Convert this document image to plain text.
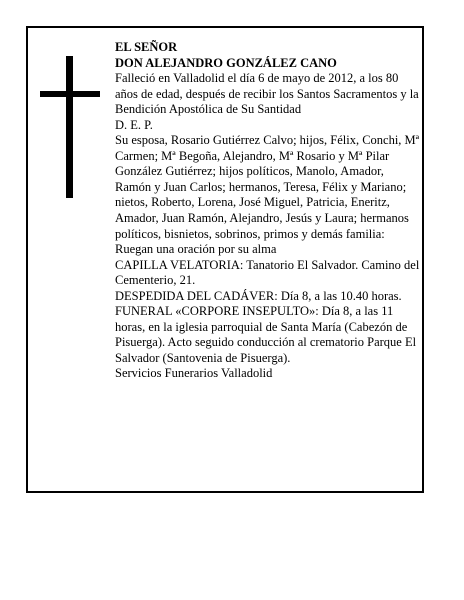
EL SEÑOR

DON ALEJANDRO GONZÁLEZ CANO

Falleció en Valladolid el día 6 de mayo de 2012, a los 80 años de edad, después de recibir los Santos Sacramentos y la Bendición Apostólica de Su Santidad

D. E. P.

Su esposa, Rosario Gutiérrez Calvo; hijos, Félix, Conchi, Mª Carmen; Mª Begoña, Alejandro, Mª Rosario y Mª Pilar González Gutiérrez; hijos políticos, Manolo, Amador, Ramón y Juan Carlos; hermanos, Teresa, Félix y Mariano; nietos, Roberto, Lorena, José Miguel, Patricia, Eneritz, Amador, Juan Ramón, Alejandro, Jesús y Laura; hermanos políticos, bisnietos, sobrinos, primos y demás familia:

Ruegan una oración por su alma

CAPILLA VELATORIA: Tanatorio El Salvador. Camino del Cementerio, 21.

DESPEDIDA DEL CADÁVER: Día 8, a las 10.40 horas.

FUNERAL «CORPORE INSEPULTO»: Día 8, a las 11 horas, en la iglesia parroquial de Santa María (Cabezón de Pisuerga). Acto seguido conducción al crematorio Parque El Salvador (Santovenia de Pisuerga).

Servicios Funerarios Valladolid
